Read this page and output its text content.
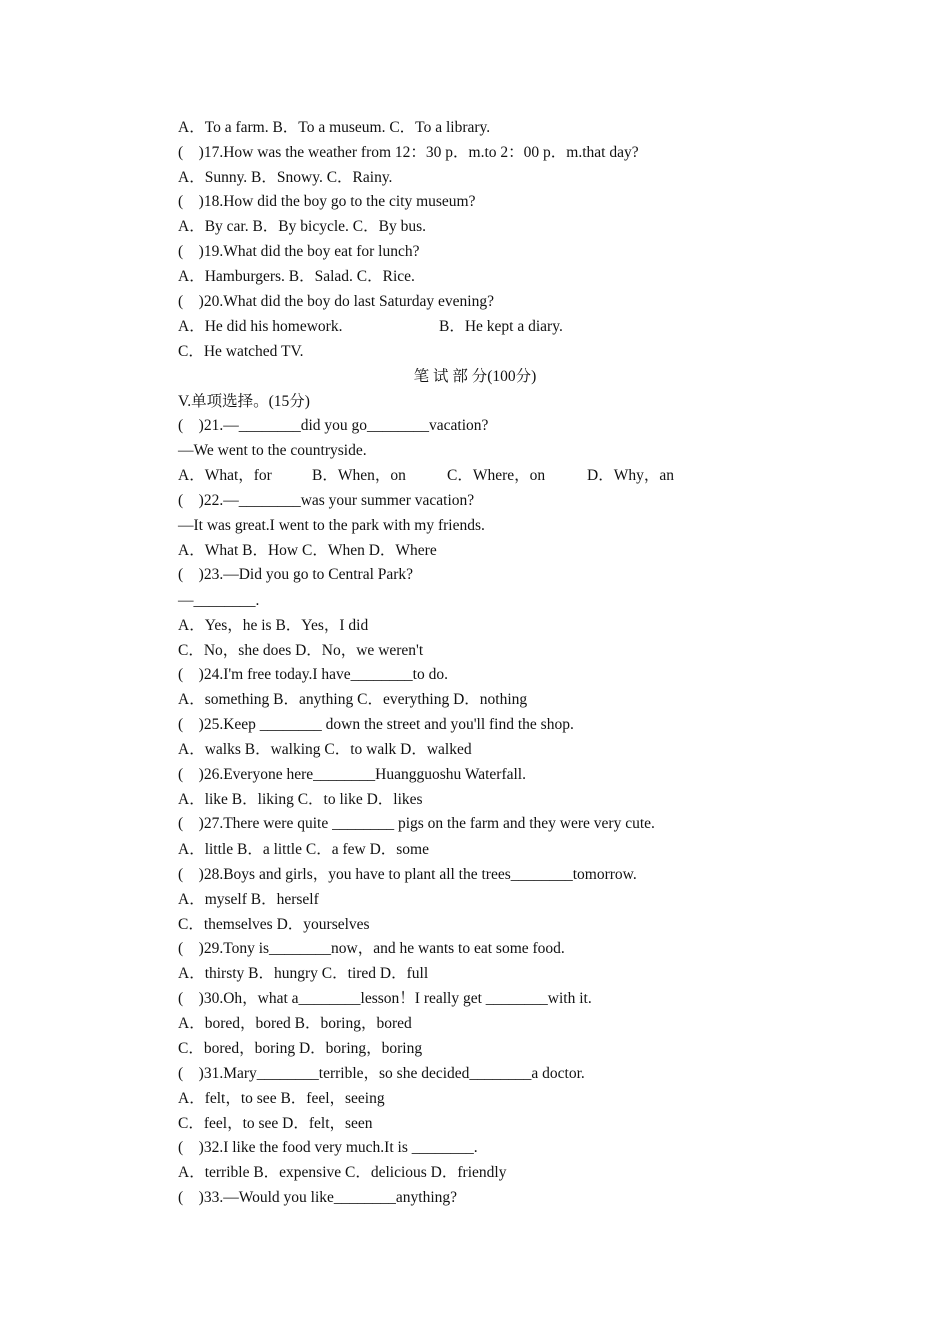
A．To a farm. B．To a museum. C．To a library.
(　)17.How was the weather from 12：30 p．m.to 2：00 p．m.that day?
A．Sunny. B．Snowy. C．Rainy.
(　)18.How did the boy go to the city museum?
A．By car. B．By bicycle. C．By bus.
(　)19.What did the boy eat for lunch?
A．Hamburgers. B．Salad. C．Rice.
(　)20.What did the boy do last Saturday evening?
A．He did his homework.	B．He kept a diary.
C．He watched TV.
笔 试 部 分(100分)
V.单项选择。(15分)
(　)21.—________did you go________vacation?
—We went to the countryside.
A．What，for	B．When，on	C．Where，on	D．Why，an
(　)22.—________was your summer vacation?
—It was great.I went to the park with my friends.
A．What B．How C．When D．Where
(　)23.—Did you go to Central Park?
—________.
A．Yes，he is B．Yes，I did
C．No，she does D．No，we weren't
(　)24.I'm free today.I have________to do.
A．something B．anything C．everything D．nothing
(　)25.Keep ________ down the street and you'll find the shop.
A．walks B．walking C．to walk D．walked
(　)26.Everyone here________Huangguoshu Waterfall.
A．like B．liking C．to like D．likes
(　)27.There were quite ________ pigs on the farm and they were very cute.
A．little B．a little C．a few D．some
(　)28.Boys and girls，you have to plant all the trees________tomorrow.
A．myself B．herself
C．themselves D．yourselves
(　)29.Tony is________now，and he wants to eat some food.
A．thirsty B．hungry C．tired D．full
(　)30.Oh，what a________lesson！I really get ________with it.
A．bored，bored B．boring，bored
C．bored，boring D．boring，boring
(　)31.Mary________terrible，so she decided________a doctor.
A．felt，to see B．feel，seeing
C．feel，to see D．felt，seen
(　)32.I like the food very much.It is ________.
A．terrible B．expensive C．delicious D．friendly
(　)33.—Would you like________anything?
